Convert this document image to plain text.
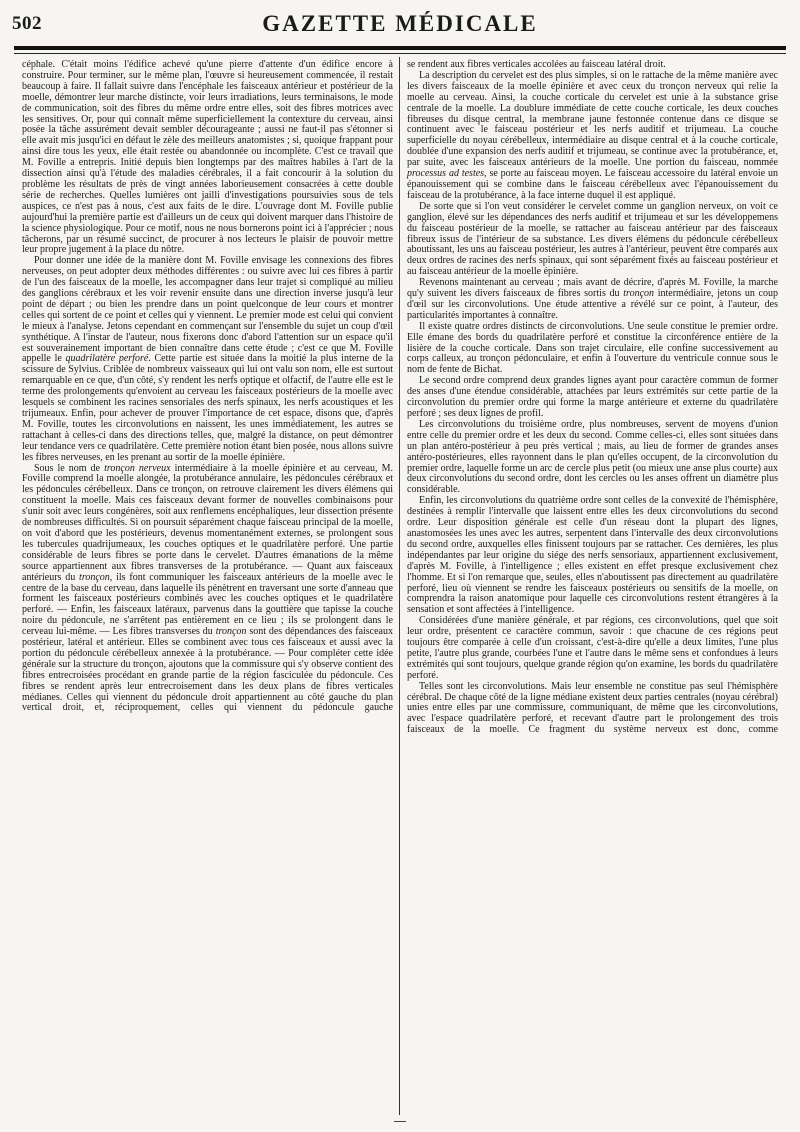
502	GAZETTE MÉDICALE

céphale. C'était moins l'édifice achevé qu'une pierre d'attente d'un édifice encore à construire. Pour terminer, sur le même plan, l'œuvre si heureusement commencée, il restait beaucoup à faire. Il fallait suivre dans l'encéphale les faisceaux antérieur et postérieur de la moelle, démontrer leur marche distincte, voir leurs irradiations, leurs terminaisons, le mode de communication, soit des fibres du même ordre entre elles, soit des fibres motrices avec les sensitives. Or, pour qui connaît même superficiellement la contexture du cerveau, ainsi posée la tâche assurément devait sembler décourageante ; aussi ne faut-il pas s'étonner si elle avait mis jusqu'ici en défaut le zèle des meilleurs anatomistes ; si, quoique frappant pour ainsi dire tous les yeux, elle était restée ou abandonnée ou incomplète. C'est ce travail que M. Foville a entrepris. Initié depuis bien longtemps par des maîtres habiles à l'art de la dissection ainsi qu'à l'étude des maladies cérébrales, il a fait concourir à la solution du problème les résultats de près de vingt années laborieusement consacrées à cette double série de recherches. Quelles lumières ont jailli d'investigations poursuivies sous de tels auspices, ce n'est pas à nous, c'est aux faits de le dire. L'ouvrage dont M. Foville publie aujourd'hui la première partie est d'ailleurs un de ceux qui doivent marquer dans l'histoire de la science physiologique. Pour ce motif, nous ne nous bornerons point ici à l'apprécier ; nous tâcherons, par un résumé succinct, de procurer à nos lecteurs le plaisir de pouvoir mettre leur propre jugement à la place du nôtre.

Pour donner une idée de la manière dont M. Foville envisage les connexions des fibres nerveuses, on peut adopter deux méthodes différentes : ou suivre avec lui ces fibres à partir de l'un des faisceaux de la moelle, les accompagner dans leur trajet si compliqué au milieu des ganglions cérébraux et les voir revenir ensuite dans une direction inverse jusqu'à leur point de départ ; ou bien les prendre dans un point quelconque de leur cours et montrer celles qui sortent de ce point et celles qui y viennent. Le premier mode est celui qui convient le mieux à l'analyse. Jetons cependant en commençant sur l'ensemble du sujet un coup d'œil synthétique. A l'instar de l'auteur, nous fixerons donc d'abord l'attention sur un espace qu'il est souverainement important de bien connaître dans cette étude ; c'est ce que M. Foville appelle le quadrilatère perforé. Cette partie est située dans la moitié la plus interne de la scissure de Sylvius. Criblée de nombreux vaisseaux qui lui ont valu son nom, elle est surtout remarquable en ce que, d'un côté, s'y rendent les nerfs optique et olfactif, de l'autre elle est le terme des prolongements qu'envoient au cerveau les faisceaux postérieurs de la moelle avec lesquels se combinent les racines sensoriales des nerfs spinaux, les nerfs acoustiques et les trijumeaux. Enfin, pour achever de prouver l'importance de cet espace, disons que, d'après M. Foville, toutes les circonvolutions en naissent, les unes immédiatement, les autres se rattachant à celles-ci dans des directions telles, que, malgré la distance, on peut démontrer leur tendance vers ce quadrilatère. Cette première notion étant bien posée, nous allons suivre les fibres nerveuses, en les prenant au sortir de la moelle épinière.

Sous le nom de tronçon nerveux intermédiaire à la moelle épinière et au cerveau, M. Foville comprend la moelle alongée, la protubérance annulaire, les pédoncules cérébraux et les pédoncules cérébelleux. Dans ce tronçon, on retrouve clairement les divers élémens qui constituent la moelle. Mais ces faisceaux devant former de nouvelles combinaisons pour s'unir soit avec leurs congénères, soit aux renflemens encéphaliques, leur dissection présente de nombreuses difficultés. Si on poursuit séparément chaque faisceau principal de la moelle, on voit d'abord que les postérieurs, devenus momentanément externes, se prolongent sous les tubercules quadrijumeaux, les couches optiques et le quadrilatère perforé. Une partie considérable de leurs fibres se porte dans le cervelet. D'autres émanations de la même source appartiennent aux fibres transverses de la protubérance. — Quant aux faisceaux antérieurs du tronçon, ils font communiquer les faisceaux antérieurs de la moelle avec le centre de la base du cerveau, dans laquelle ils pénètrent en traversant une sorte d'anneau que forment les faisceaux postérieurs combinés avec les couches optiques et le quadrilatère perforé. — Enfin, les faisceaux latéraux, parvenus dans la gouttière que tapisse la couche noire du pédoncule, ne s'arrêtent pas entièrement en ce lieu ; ils se prolongent dans le cerveau lui-même. — Les fibres transverses du tronçon sont des dépendances des faisceaux postérieur, latéral et antérieur. Elles se combinent avec tous ces faisceaux et aussi avec la portion du pédoncule cérébelleux annexée à la protubérance. — Pour compléter cette idée générale sur la structure du tronçon, ajoutons que la commissure qui s'y observe contient des fibres entrecroisées procédant en grande partie de la région fasciculée du pédoncule. Ces fibres se rendent après leur entrecroisement dans les deux plans de fibres verticales médianes. Celles qui viennent du pédoncule droit appartiennent au côté gauche du plan vertical droit, et, réciproquement, celles qui viennent du pédoncule gauche

se rendent aux fibres verticales accolées au faisceau latéral droit.

La description du cervelet est des plus simples, si on le rattache de la même manière avec les divers faisceaux de la moelle épinière et avec ceux du tronçon nerveux qui relie la moelle au cerveau. Ainsi, la couche corticale du cervelet est unie à la substance grise centrale de la moelle. La doublure immédiate de cette couche corticale, les deux couches fibreuses du disque central, la membrane jaune festonnée contenue dans ce disque se continuent avec le faisceau postérieur et les nerfs auditif et trijumeau. La couche superficielle du noyau cérébelleux, intermédiaire au disque central et à la couche corticale, doublée d'une expansion des nerfs auditif et trijumeau, se continue avec la protubérance, et, par suite, avec les faisceaux antérieurs de la moelle. Une portion du faisceau, nommée processus ad testes, se porte au faisceau moyen. Le faisceau accessoire du latéral envoie un épanouissement qui se combine dans le faisceau cérébelleux avec l'épanouissement du faisceau de la protubérance, à la face interne duquel il est appliqué.

De sorte que si l'on veut considérer le cervelet comme un ganglion nerveux, on voit ce ganglion, élevé sur les dépendances des nerfs auditif et trijumeau et sur les développemens du faisceau postérieur de la moelle, se rattacher au faisceau antérieur par des faisceaux fibreux issus de l'intérieur de sa substance. Les divers élémens du pédoncule cérébelleux aboutissant, les uns au faisceau postérieur, les autres à l'antérieur, peuvent être comparés aux deux ordres de racines des nerfs spinaux, qui sont séparément fixés au faisceau postérieur et au faisceau antérieur de la moelle épinière.

Revenons maintenant au cerveau ; mais avant de décrire, d'après M. Foville, la marche qu'y suivent les divers faisceaux de fibres sortis du tronçon intermédiaire, jetons un coup d'œil sur les circonvolutions. Une étude attentive a révélé sur ce point, à l'auteur, des particularités importantes à connaître.

Il existe quatre ordres distincts de circonvolutions. Une seule constitue le premier ordre. Elle émane des bords du quadrilatère perforé et constitue la circonférence entière de la lisière de la couche corticale. Dans son trajet circulaire, elle confine successivement au corps calleux, au tronçon pédonculaire, et enfin à l'ouverture du ventricule connue sous le nom de fente de Bichat.

Le second ordre comprend deux grandes lignes ayant pour caractère commun de former des anses d'une étendue considérable, attachées par leurs extrémités sur cette partie de la circonvolution du premier ordre qui forme la marge antérieure et externe du quadrilatère perforé ; ses deux lignes de profil.

Les circonvolutions du troisième ordre, plus nombreuses, servent de moyens d'union entre celle du premier ordre et les deux du second. Comme celles-ci, elles sont situées dans un plan antéro-postérieur à peu près vertical ; mais, au lieu de former de grandes anses antéro-postérieures, elles rayonnent dans le plan qu'elles occupent, de la circonvolution du premier ordre, laquelle forme un arc de cercle plus petit (ou mieux une anse plus courte) aux deux circonvolutions du second ordre, dont les cercles ou les anses offrent un diamètre plus considérable.

Enfin, les circonvolutions du quatrième ordre sont celles de la convexité de l'hémisphère, destinées à remplir l'intervalle que laissent entre elles les deux circonvolutions du second ordre. Leur disposition générale est celle d'un réseau dont la plupart des lignes, anastomosées les unes avec les autres, serpentent dans l'intervalle des deux circonvolutions du second ordre, auxquelles elles finissent toujours par se rattacher. Ces dernières, les plus indépendantes par leur origine du siége des nerfs sensoriaux, appartiennent exclusivement, d'après M. Foville, à l'intelligence ; elles existent en effet presque exclusivement chez l'homme. Et si l'on remarque que, seules, elles n'aboutissent pas directement au quadrilatère perforé, lieu où viennent se rendre les faisceaux postérieurs ou sensitifs de la moelle, on comprendra la raison anatomique pour laquelle ces circonvolutions restent étrangères à la sensation et sont affectées à l'intelligence.

Considérées d'une manière générale, et par régions, ces circonvolutions, quel que soit leur ordre, présentent ce caractère commun, savoir : que chacune de ces régions peut toujours être comparée à celle d'un croissant, c'est-à-dire qu'elle a deux limites, l'une plus petite, l'autre plus grande, courbées l'une et l'autre dans le même sens et confondues à leurs extrémités qui sont toujours, quelque grande région qu'on examine, les bords du quadrilatère perforé.

Telles sont les circonvolutions. Mais leur ensemble ne constitue pas seul l'hémisphère cérébral. De chaque côté de la ligne médiane existent deux parties centrales (noyau cérébral) unies entre elles par une commissure, communiquant, de même que les circonvolutions, avec l'espace quadrilatère perforé, et recevant d'autre part le prolongement des trois faisceaux de la moelle. Ce fragment du système nerveux est donc, comme
